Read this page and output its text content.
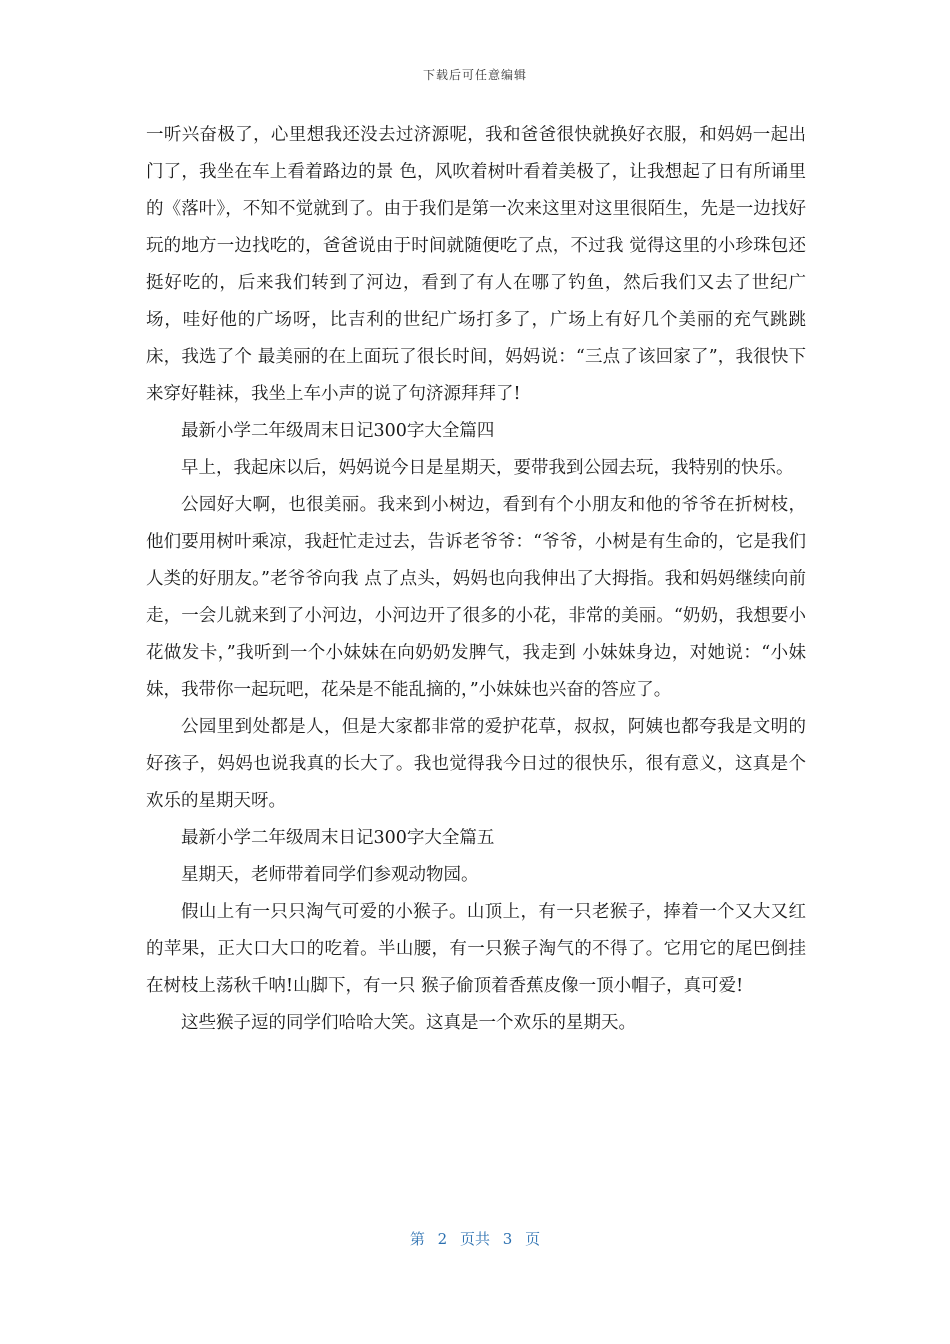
下载后可任意编辑

一听兴奋极了，心里想我还没去过济源呢，我和爸爸很快就换好衣服，和妈妈一起出门了，我坐在车上看着路边的景 色，风吹着树叶看着美极了，让我想起了日有所诵里的《落叶》，不知不觉就到了。由于我们是第一次来这里对这里很陌生，先是一边找好玩的地方一边找吃的，爸爸说由于时间就随便吃了点，不过我 觉得这里的小珍珠包还挺好吃的，后来我们转到了河边，看到了有人在哪了钓鱼，然后我们又去了世纪广场，哇好他的广场呀，比吉利的世纪广场打多了，广场上有好几个美丽的充气跳跳床，我选了个 最美丽的在上面玩了很长时间，妈妈说：“三点了该回家了”，我很快下来穿好鞋袜，我坐上车小声的说了句济源拜拜了!

最新小学二年级周末日记300字大全篇四

早上，我起床以后，妈妈说今日是星期天，要带我到公园去玩，我特别的快乐。

公园好大啊，也很美丽。我来到小树边，看到有个小朋友和他的爷爷在折树枝，他们要用树叶乘凉，我赶忙走过去，告诉老爷爷：“爷爷，小树是有生命的，它是我们人类的好朋友。”老爷爷向我 点了点头，妈妈也向我伸出了大拇指。我和妈妈继续向前走，一会儿就来到了小河边，小河边开了很多的小花，非常的美丽。“奶奶，我想要小花做发卡，”我听到一个小妹妹在向奶奶发脾气，我走到 小妹妹身边，对她说：“小妹妹，我带你一起玩吧，花朵是不能乱摘的，”小妹妹也兴奋的答应了。

公园里到处都是人，但是大家都非常的爱护花草，叔叔，阿姨也都夸我是文明的好孩子，妈妈也说我真的长大了。我也觉得我今日过的很快乐，很有意义，这真是个欢乐的星期天呀。

最新小学二年级周末日记300字大全篇五

星期天，老师带着同学们参观动物园。

假山上有一只只淘气可爱的小猴子。山顶上，有一只老猴子，捧着一个又大又红的苹果，正大口大口的吃着。半山腰，有一只猴子淘气的不得了。它用它的尾巴倒挂在树枝上荡秋千呐!山脚下，有一只 猴子偷顶着香蕉皮像一顶小帽子，真可爱!

这些猴子逗的同学们哈哈大笑。这真是一个欢乐的星期天。

第 2 页共 3 页
